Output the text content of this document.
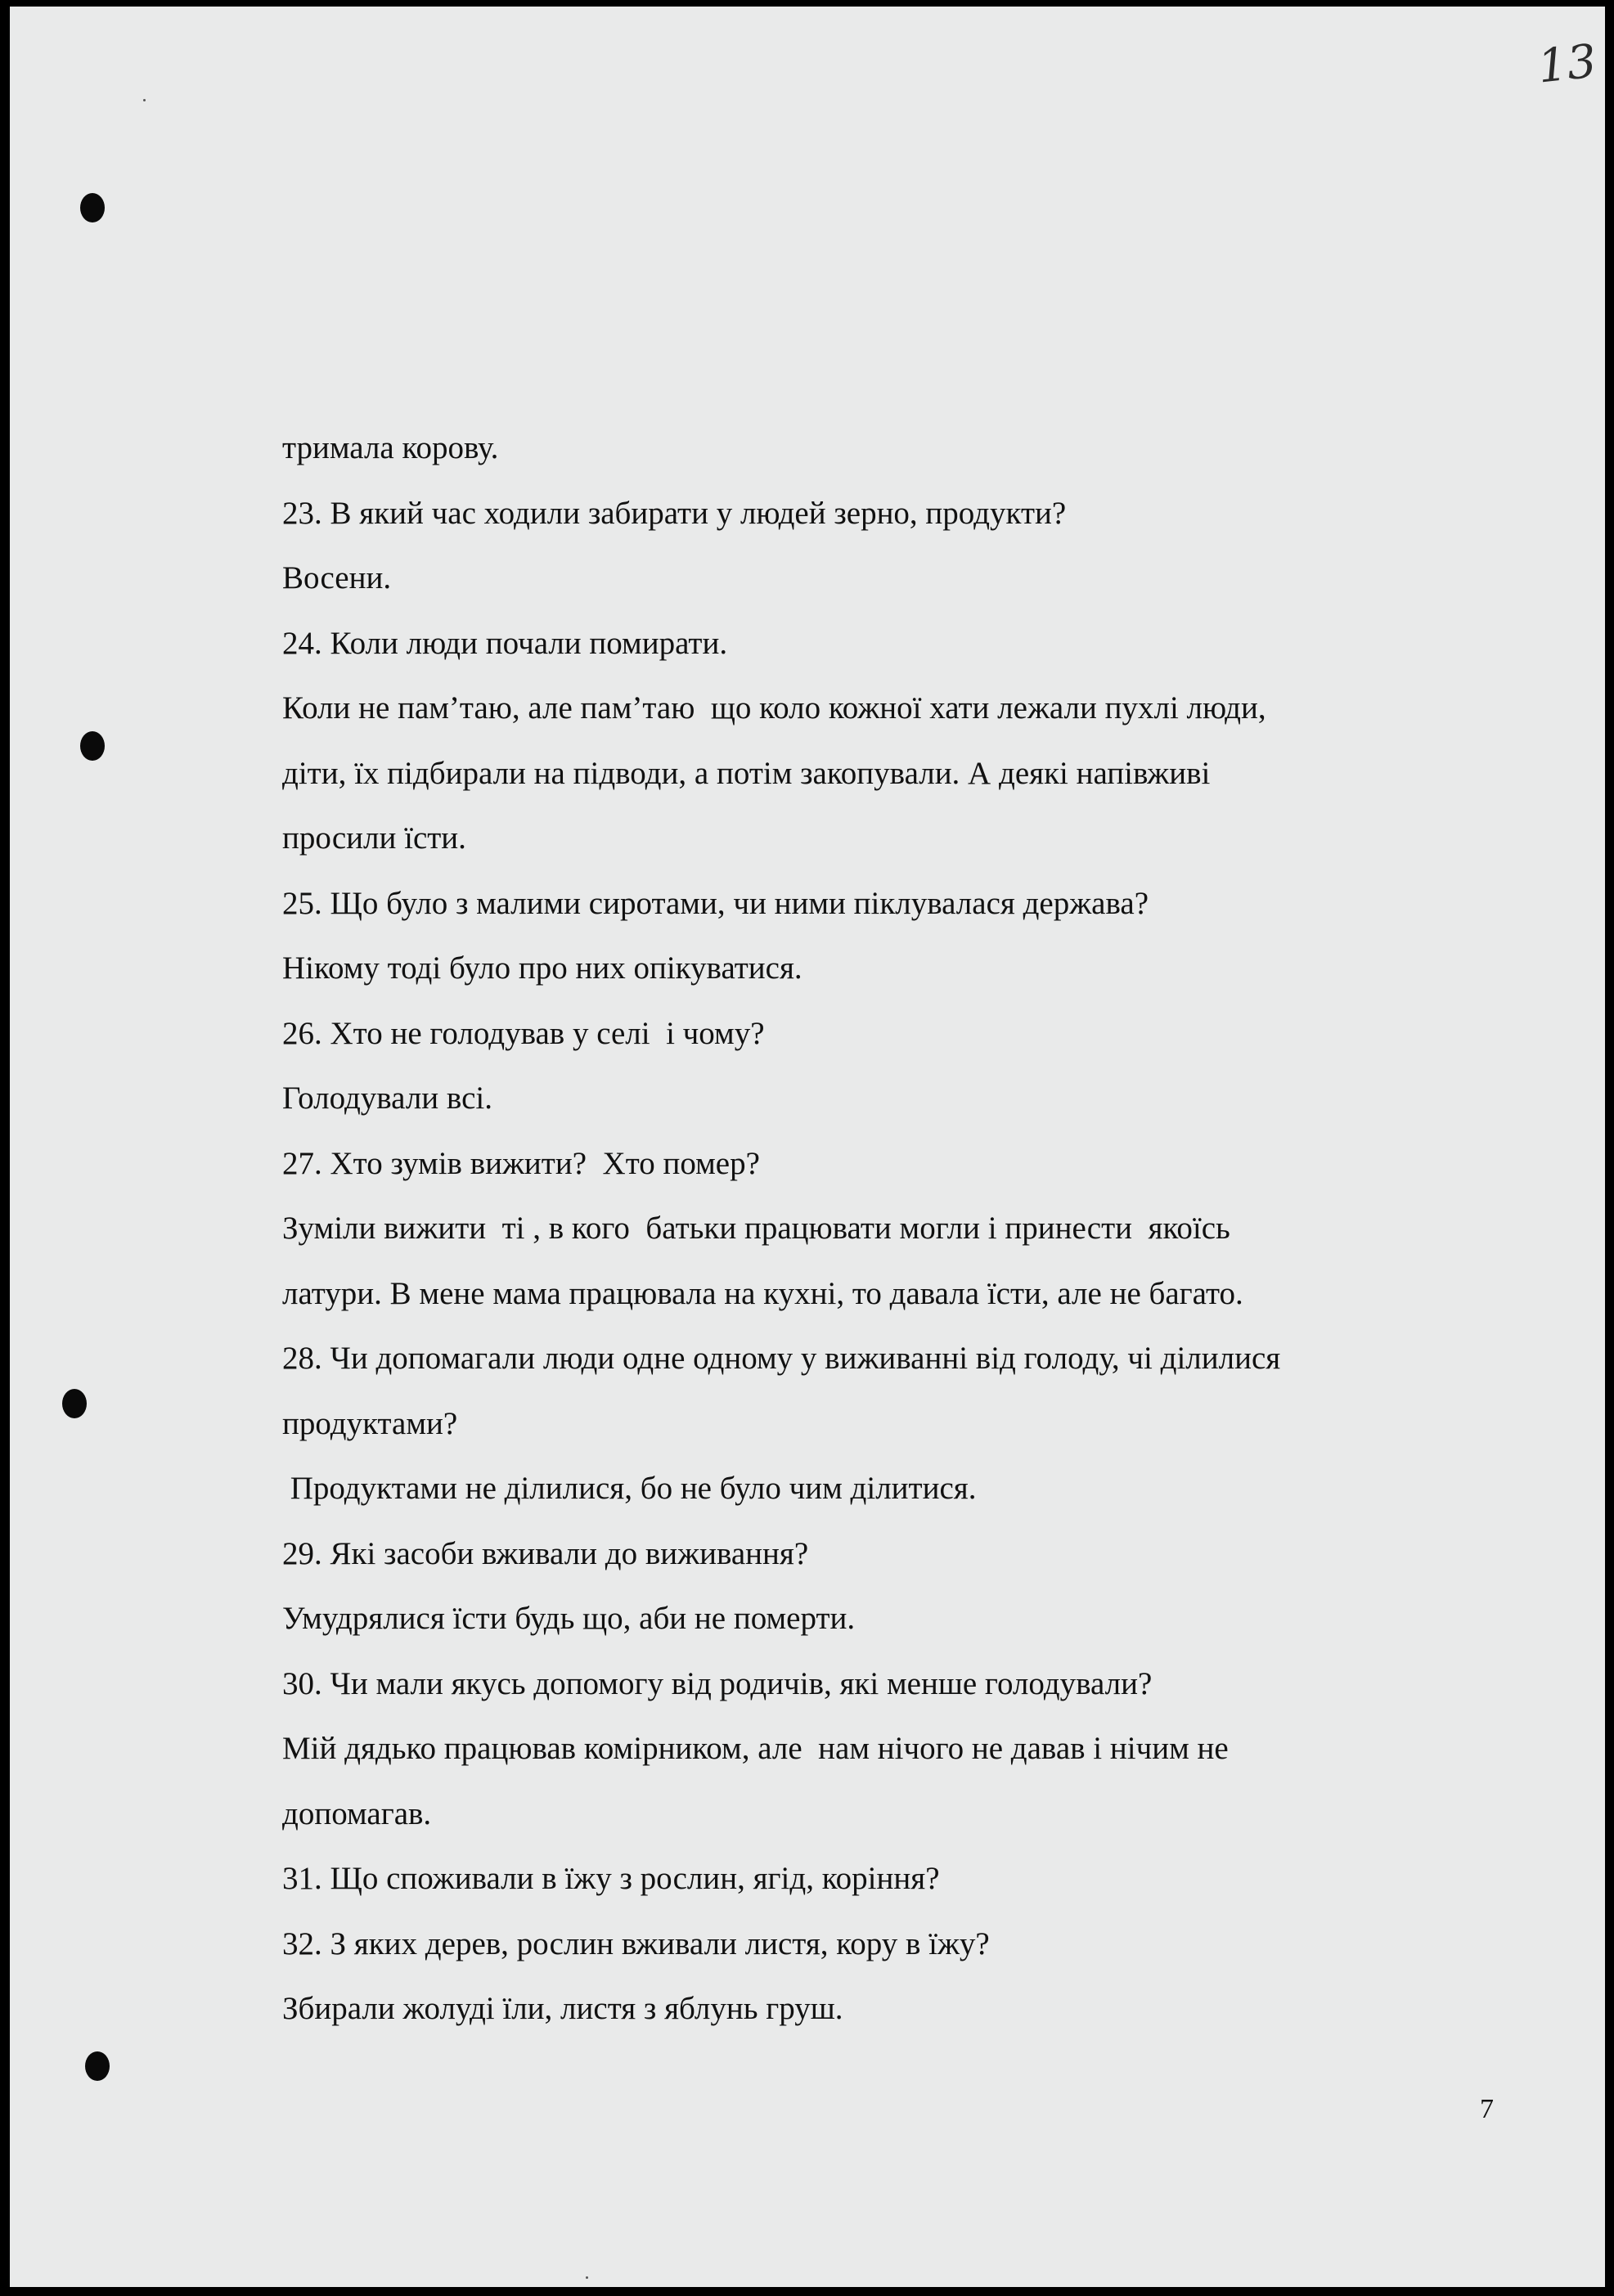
13
тримала корову.
23. В який час ходили забирати у людей зерно, продукти?
Восени.
24. Коли люди почали помирати.
Коли не пам’таю, але пам’таю  що коло кожної хати лежали пухлі люди,
діти, їх підбирали на підводи, а потім закопували. А деякі напівживі
просили їсти.
25. Що було з малими сиротами, чи ними піклувалася держава?
Нікому тоді було про них опікуватися.
26. Хто не голодував у селі  і чому?
Голодували всі.
27. Хто зумів вижити?  Хто помер?
Зуміли вижити  ті , в кого  батьки працювати могли і принести  якоїсь
латури. В мене мама працювала на кухні, то давала їсти, але не багато.
28. Чи допомагали люди одне одному у виживанні від голоду, чі ділилися
продуктами?
Продуктами не ділилися, бо не було чим ділитися.
29. Які засоби вживали до виживання?
Умудрялися їсти будь що, аби не померти.
30. Чи мали якусь допомогу від родичів, які менше голодували?
Мій дядько працював комірником, але  нам нічого не давав і нічим не
допомагав.
31. Що споживали в їжу з рослин, ягід, коріння?
32. З яких дерев, рослин вживали листя, кору в їжу?
Збирали жолуді їли, листя з яблунь груш.
7
